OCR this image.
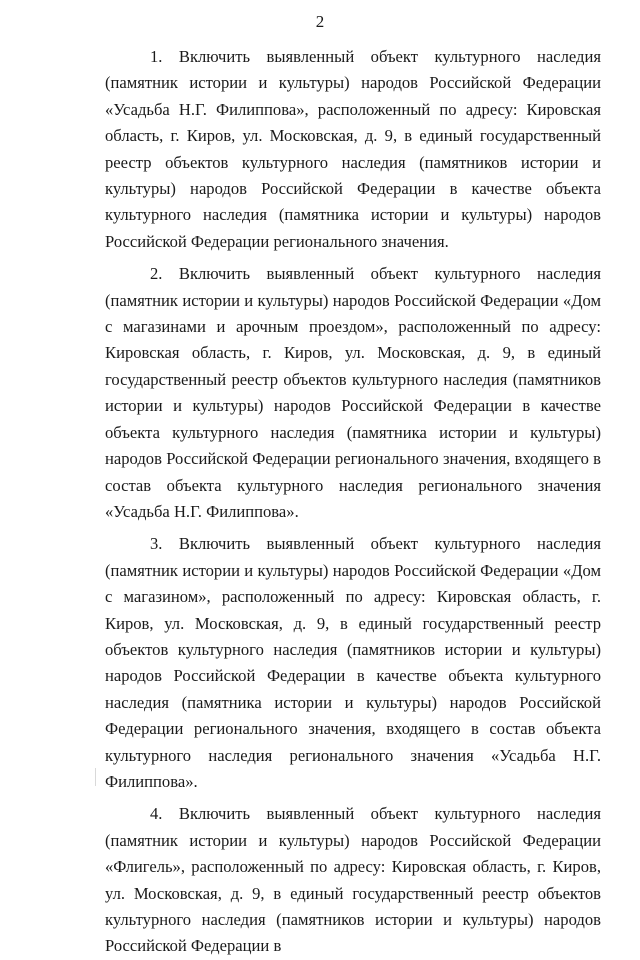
2

1. Включить выявленный объект культурного наследия (памятник истории и культуры) народов Российской Федерации «Усадьба Н.Г. Филиппова», расположенный по адресу: Кировская область, г. Киров, ул. Московская, д. 9, в единый государственный реестр объектов культурного наследия (памятников истории и культуры) народов Российской Федерации в качестве объекта культурного наследия (памятника истории и культуры) народов Российской Федерации регионального значения.

2. Включить выявленный объект культурного наследия (памятник истории и культуры) народов Российской Федерации «Дом с магазинами и арочным проездом», расположенный по адресу: Кировская область, г. Киров, ул. Московская, д. 9, в единый государственный реестр объектов культурного наследия (памятников истории и культуры) народов Российской Федерации в качестве объекта культурного наследия (памятника истории и культуры) народов Российской Федерации регионального значения, входящего в состав объекта культурного наследия регионального значения «Усадьба Н.Г. Филиппова».

3. Включить выявленный объект культурного наследия (памятник истории и культуры) народов Российской Федерации «Дом с магазином», расположенный по адресу: Кировская область, г. Киров, ул. Московская, д. 9, в единый государственный реестр объектов культурного наследия (памятников истории и культуры) народов Российской Федерации в качестве объекта культурного наследия (памятника истории и культуры) народов Российской Федерации регионального значения, входящего в состав объекта культурного наследия регионального значения «Усадьба Н.Г. Филиппова».

4. Включить выявленный объект культурного наследия (памятник истории и культуры) народов Российской Федерации «Флигель», расположенный по адресу: Кировская область, г. Киров, ул. Московская, д. 9, в единый государственный реестр объектов культурного наследия (памятников истории и культуры) народов Российской Федерации в
